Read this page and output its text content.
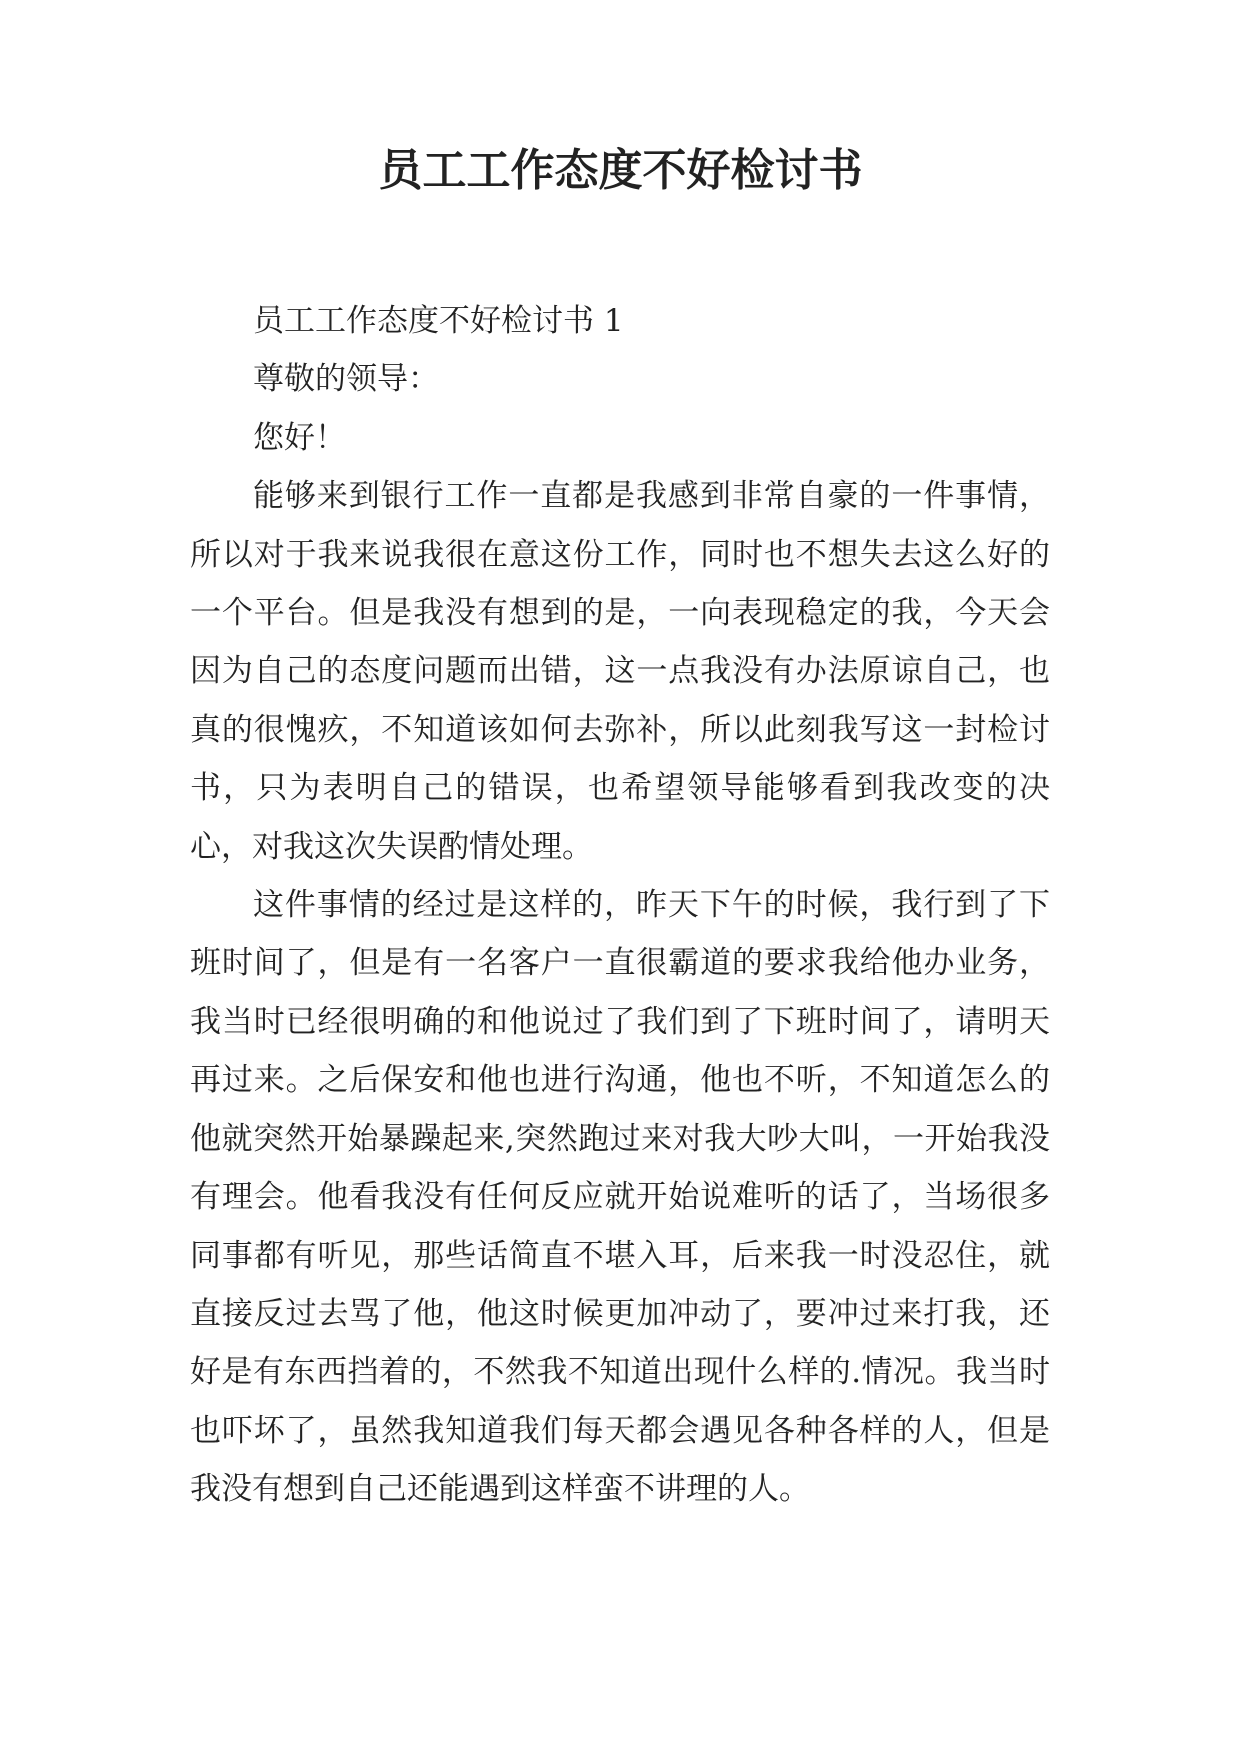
员工工作态度不好检讨书

员工工作态度不好检讨书 1

尊敬的领导：

您好！

能够来到银行工作一直都是我感到非常自豪的一件事情，所以对于我来说我很在意这份工作，同时也不想失去这么好的一个平台。但是我没有想到的是，一向表现稳定的我，今天会因为自己的态度问题而出错，这一点我没有办法原谅自己，也真的很愧疚，不知道该如何去弥补，所以此刻我写这一封检讨书，只为表明自己的错误，也希望领导能够看到我改变的决心，对我这次失误酌情处理。

这件事情的经过是这样的，昨天下午的时候，我行到了下班时间了，但是有一名客户一直很霸道的要求我给他办业务，我当时已经很明确的和他说过了我们到了下班时间了，请明天再过来。之后保安和他也进行沟通，他也不听，不知道怎么的他就突然开始暴躁起来,突然跑过来对我大吵大叫，一开始我没有理会。他看我没有任何反应就开始说难听的话了，当场很多同事都有听见，那些话简直不堪入耳，后来我一时没忍住，就直接反过去骂了他，他这时候更加冲动了，要冲过来打我，还好是有东西挡着的，不然我不知道出现什么样的.情况。我当时也吓坏了，虽然我知道我们每天都会遇见各种各样的人，但是我没有想到自己还能遇到这样蛮不讲理的人。
